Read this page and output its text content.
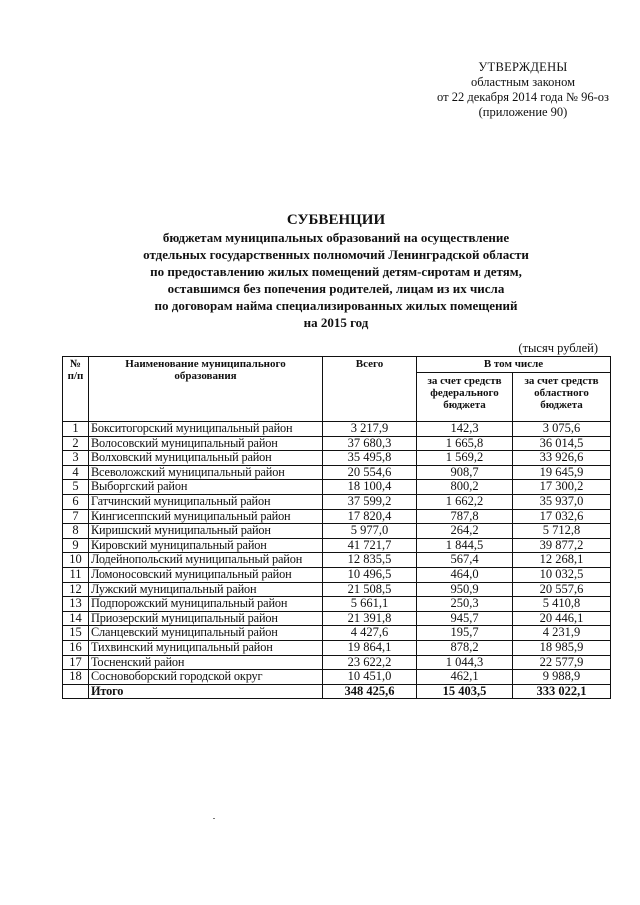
УТВЕРЖДЕНЫ
областным законом
от 22 декабря 2014 года № 96-оз
(приложение 90)
СУБВЕНЦИИ
бюджетам муниципальных образований на осуществление
отдельных государственных полномочий Ленинградской области
по предоставлению жилых помещений детям-сиротам и детям,
оставшимся без попечения родителей, лицам из их числа
по договорам найма специализированных жилых помещений
на 2015 год
(тысяч рублей)
№ п/п	Наименование муниципального образования	Всего	В том числе	
			за счет средств федерального бюджета	за счет средств областного бюджета
1	Бокситогорский муниципальный район	3 217,9	142,3	3 075,6
2	Волосовский муниципальный район	37 680,3	1 665,8	36 014,5
3	Волховский муниципальный район	35 495,8	1 569,2	33 926,6
4	Всеволожский муниципальный район	20 554,6	908,7	19 645,9
5	Выборгский район	18 100,4	800,2	17 300,2
6	Гатчинский муниципальный район	37 599,2	1 662,2	35 937,0
7	Кингисеппский муниципальный район	17 820,4	787,8	17 032,6
8	Киришский муниципальный район	5 977,0	264,2	5 712,8
9	Кировский муниципальный район	41 721,7	1 844,5	39 877,2
10	Лодейнопольский муниципальный район	12 835,5	567,4	12 268,1
11	Ломоносовский муниципальный район	10 496,5	464,0	10 032,5
12	Лужский муниципальный район	21 508,5	950,9	20 557,6
13	Подпорожский муниципальный район	5 661,1	250,3	5 410,8
14	Приозерский муниципальный район	21 391,8	945,7	20 446,1
15	Сланцевский муниципальный район	4 427,6	195,7	4 231,9
16	Тихвинский муниципальный район	19 864,1	878,2	18 985,9
17	Тосненский район	23 622,2	1 044,3	22 577,9
18	Сосновоборский городской округ	10 451,0	462,1	9 988,9
	Итого	348 425,6	15 403,5	333 022,1
